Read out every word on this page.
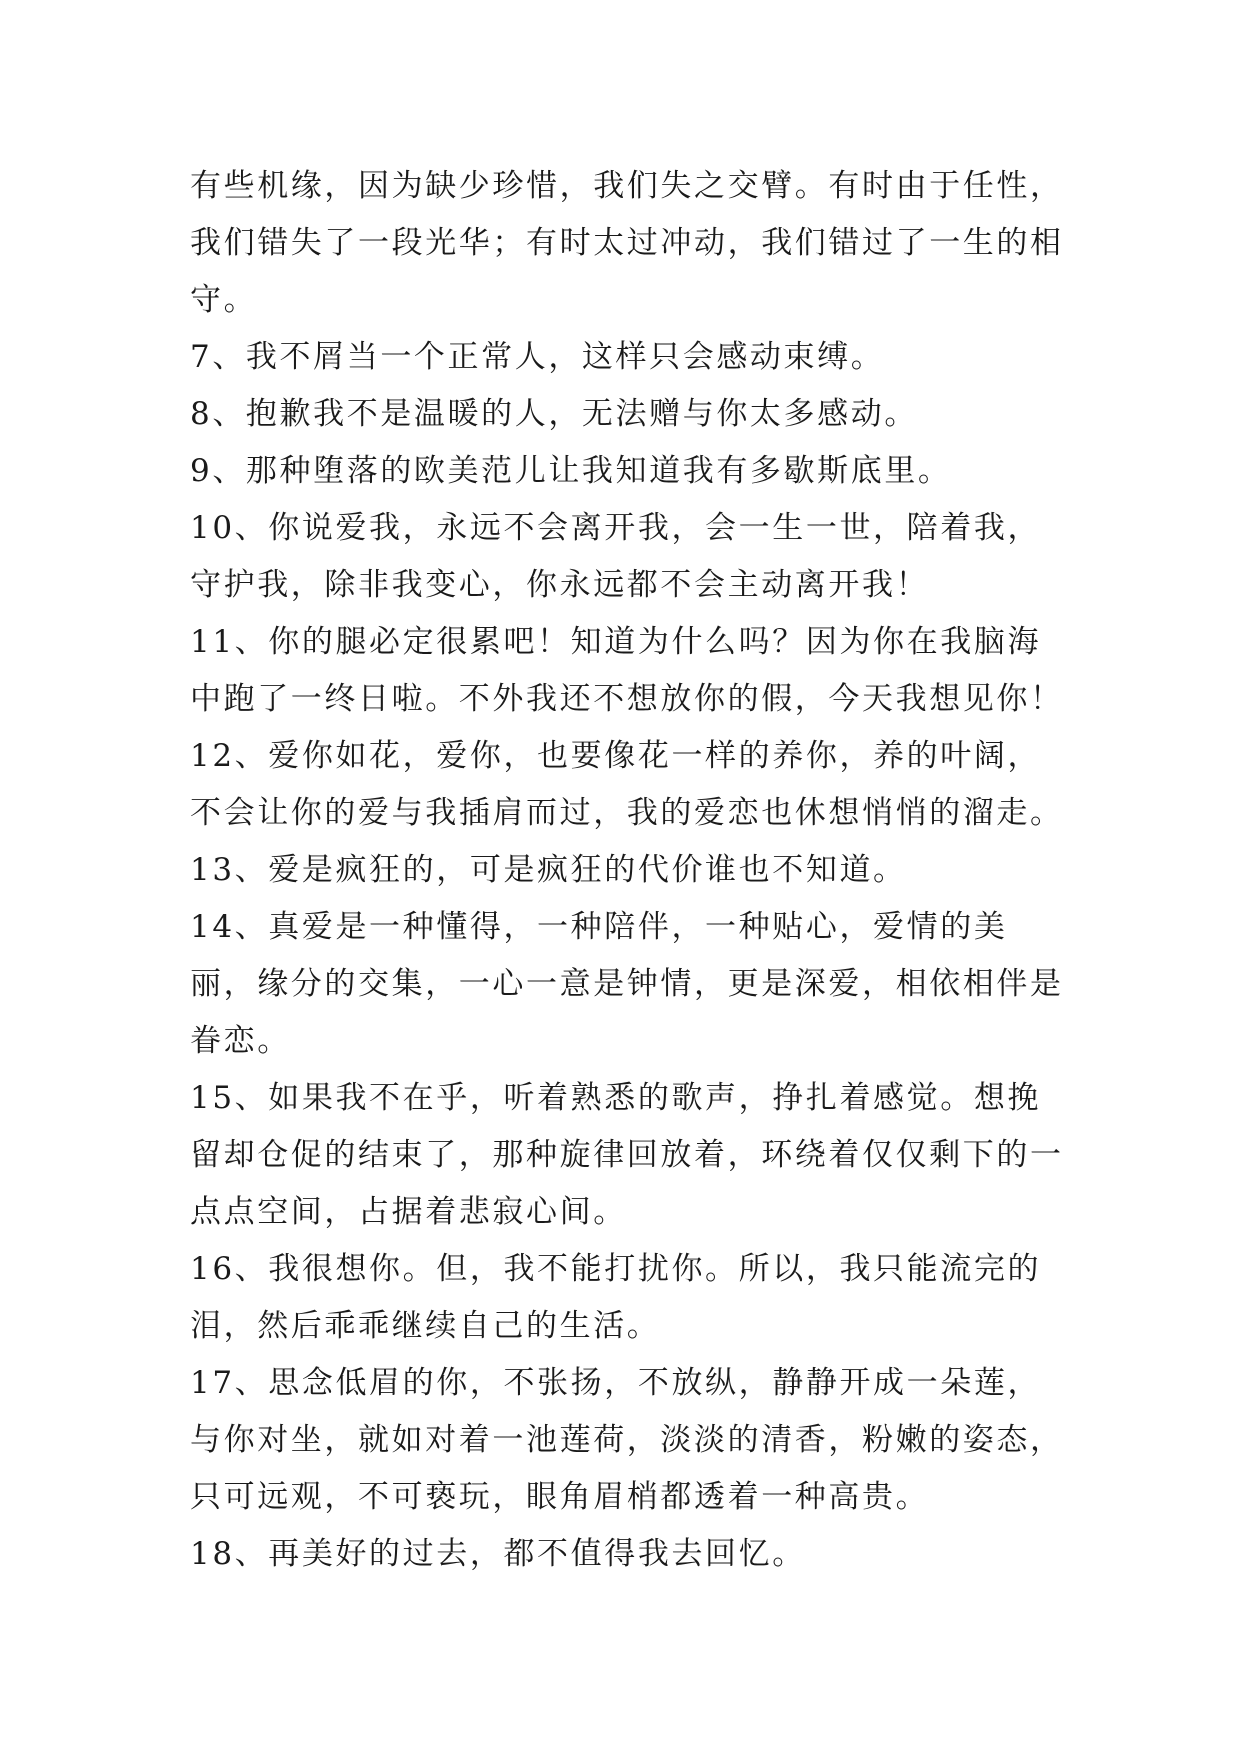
有些机缘，因为缺少珍惜，我们失之交臂。有时由于任性，我们错失了一段光华；有时太过冲动，我们错过了一生的相守。

7、我不屑当一个正常人，这样只会感动束缚。

8、抱歉我不是温暖的人，无法赠与你太多感动。

9、那种堕落的欧美范儿让我知道我有多歇斯底里。

10、你说爱我，永远不会离开我，会一生一世，陪着我，守护我，除非我变心，你永远都不会主动离开我！

11、你的腿必定很累吧！知道为什么吗？因为你在我脑海中跑了一终日啦。不外我还不想放你的假，今天我想见你！

12、爱你如花，爱你，也要像花一样的养你，养的叶阔，不会让你的爱与我插肩而过，我的爱恋也休想悄悄的溜走。

13、爱是疯狂的，可是疯狂的代价谁也不知道。

14、真爱是一种懂得，一种陪伴，一种贴心，爱情的美丽，缘分的交集，一心一意是钟情，更是深爱，相依相伴是眷恋。

15、如果我不在乎，听着熟悉的歌声，挣扎着感觉。想挽留却仓促的结束了，那种旋律回放着，环绕着仅仅剩下的一点点空间，占据着悲寂心间。

16、我很想你。但，我不能打扰你。所以，我只能流完的泪，然后乖乖继续自己的生活。

17、思念低眉的你，不张扬，不放纵，静静开成一朵莲，与你对坐，就如对着一池莲荷，淡淡的清香，粉嫩的姿态，只可远观，不可亵玩，眼角眉梢都透着一种高贵。

18、再美好的过去，都不值得我去回忆。
